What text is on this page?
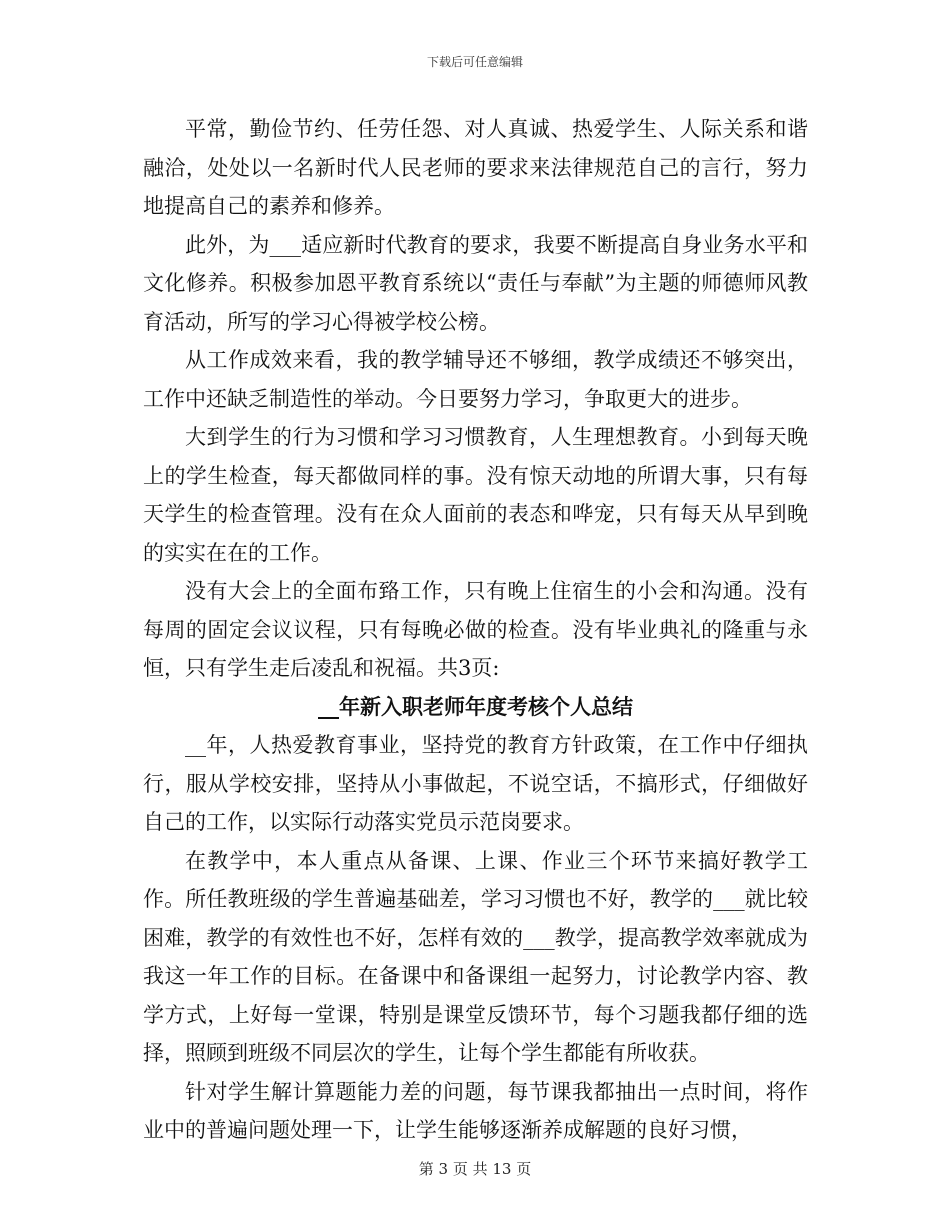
下载后可任意编辑

平常，勤俭节约、任劳任怨、对人真诚、热爱学生、人际关系和谐融洽，处处以一名新时代人民老师的要求来法律规范自己的言行，努力地提高自己的素养和修养。

此外，为___适应新时代教育的要求，我要不断提高自身业务水平和文化修养。积极参加恩平教育系统以“责任与奉献”为主题的师德师风教育活动，所写的学习心得被学校公榜。

从工作成效来看，我的教学辅导还不够细，教学成绩还不够突出，工作中还缺乏制造性的举动。今日要努力学习，争取更大的进步。

大到学生的行为习惯和学习习惯教育，人生理想教育。小到每天晚上的学生检查，每天都做同样的事。没有惊天动地的所谓大事，只有每天学生的检查管理。没有在众人面前的表态和哗宠，只有每天从早到晚的实实在在的工作。

没有大会上的全面布臵工作，只有晚上住宿生的小会和沟通。没有每周的固定会议议程，只有每晚必做的检查。没有毕业典礼的隆重与永恒，只有学生走后凌乱和祝福。共3页:

__年新入职老师年度考核个人总结

__年，人热爱教育事业，坚持党的教育方针政策，在工作中仔细执行，服从学校安排，坚持从小事做起，不说空话，不搞形式，仔细做好自己的工作，以实际行动落实党员示范岗要求。

在教学中，本人重点从备课、上课、作业三个环节来搞好教学工作。所任教班级的学生普遍基础差，学习习惯也不好，教学的___就比较困难，教学的有效性也不好，怎样有效的___教学，提高教学效率就成为我这一年工作的目标。在备课中和备课组一起努力，讨论教学内容、教学方式，上好每一堂课，特别是课堂反馈环节，每个习题我都仔细的选择，照顾到班级不同层次的学生，让每个学生都能有所收获。

针对学生解计算题能力差的问题，每节课我都抽出一点时间，将作业中的普遍问题处理一下，让学生能够逐渐养成解题的良好习惯，

第 3 页 共 13 页
